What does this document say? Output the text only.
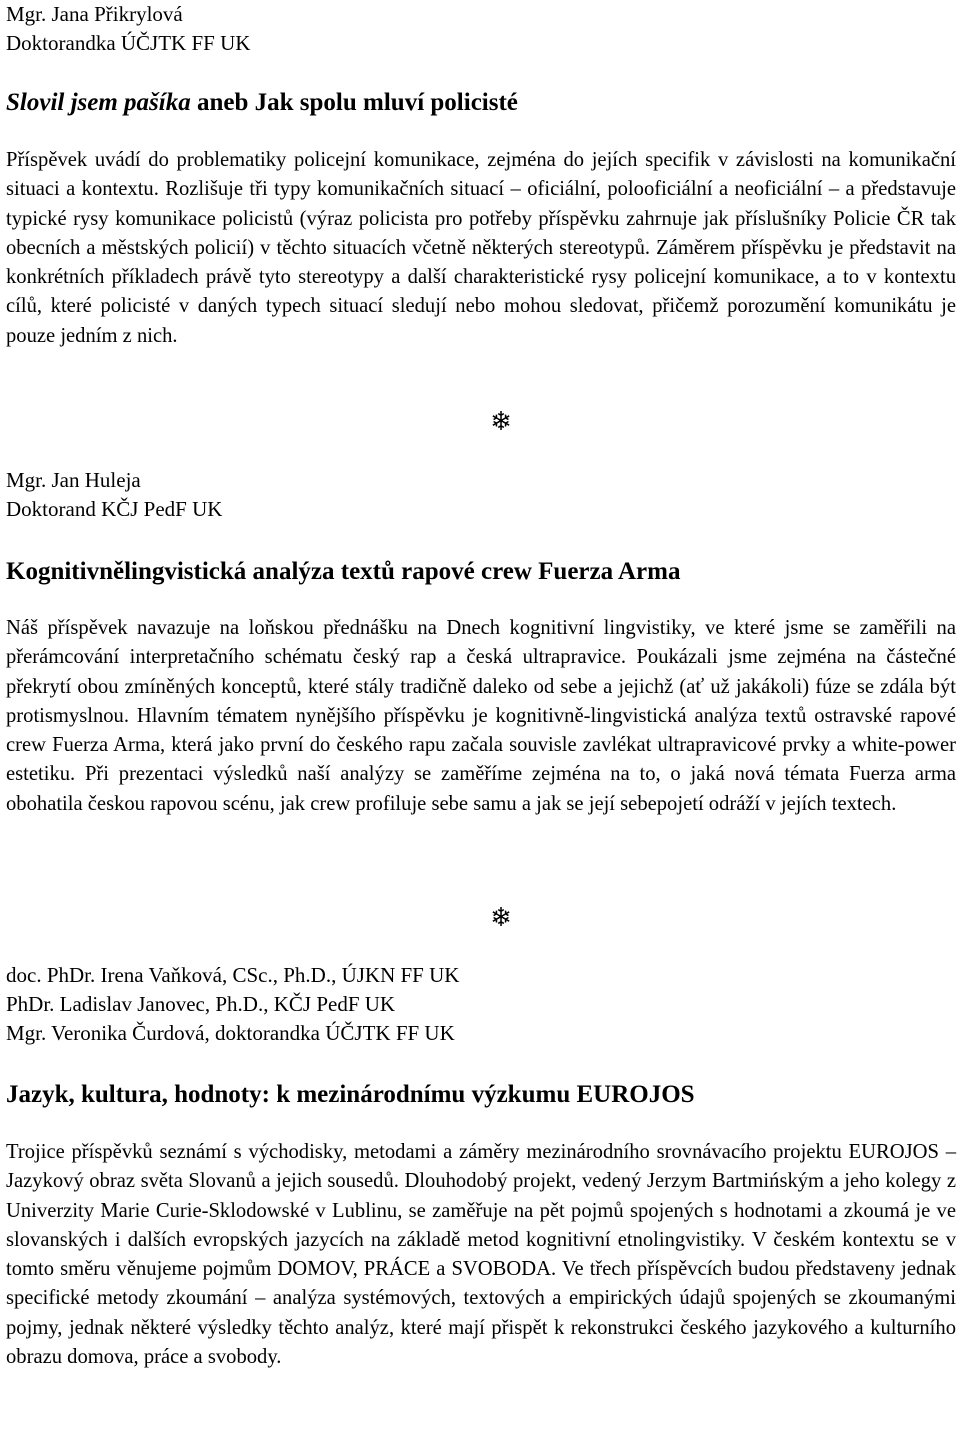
Mgr. Jana Přikrylová

Doktorandka ÚČJTK FF UK

Slovil jsem pašíka aneb Jak spolu mluví policisté

Příspěvek uvádí do problematiky policejní komunikace, zejména do jejích specifik v závislosti na komunikační situaci a kontextu. Rozlišuje tři typy komunikačních situací – oficiální, polooficiální a neoficiální – a představuje typické rysy komunikace policistů (výraz policista pro potřeby příspěvku zahrnuje jak příslušníky Policie ČR tak obecních a městských policií) v těchto situacích včetně některých stereotypů. Záměrem příspěvku je představit na konkrétních příkladech právě tyto stereotypy a další charakteristické rysy policejní komunikace, a to v kontextu cílů, které policisté v daných typech situací sledují nebo mohou sledovat, přičemž porozumění komunikátu je pouze jedním z nich.

❄

Mgr. Jan Huleja

Doktorand KČJ PedF UK

Kognitivnělingvistická analýza textů rapové crew Fuerza Arma

Náš příspěvek navazuje na loňskou přednášku na Dnech kognitivní lingvistiky, ve které jsme se zaměřili na přerámcování interpretačního schématu český rap a česká ultrapravice. Poukázali jsme zejména na částečné překrytí obou zmíněných konceptů, které stály tradičně daleko od sebe a jejichž (ať už jakákoli) fúze se zdála být protismyslnou. Hlavním tématem nynějšího příspěvku je kognitivně-lingvistická analýza textů ostravské rapové crew Fuerza Arma, která jako první do českého rapu začala souvisle zavlékat ultrapravicové prvky a white-power estetiku. Při prezentaci výsledků naší analýzy se zaměříme zejména na to, o jaká nová témata Fuerza arma obohatila českou rapovou scénu, jak crew profiluje sebe samu a jak se její sebepojetí odráží v jejích textech.

❄

doc. PhDr. Irena Vaňková, CSc., Ph.D., ÚJKN FF UK

PhDr. Ladislav Janovec, Ph.D., KČJ PedF UK

Mgr. Veronika Čurdová, doktorandka ÚČJTK FF UK

Jazyk, kultura, hodnoty: k mezinárodnímu výzkumu EUROJOS

Trojice příspěvků seznámí s východisky, metodami a záměry mezinárodního srovnávacího projektu EUROJOS – Jazykový obraz světa Slovanů a jejich sousedů. Dlouhodobý projekt, vedený Jerzym Bartmińským a jeho kolegy z Univerzity Marie Curie-Sklodowské v Lublinu, se zaměřuje na pět pojmů spojených s hodnotami a zkoumá je ve slovanských i dalších evropských jazycích na základě metod kognitivní etnolingvistiky. V českém kontextu se v tomto směru věnujeme pojmům DOMOV, PRÁCE a SVOBODA. Ve třech příspěvcích budou představeny jednak specifické metody zkoumání – analýza systémových, textových a empirických údajů spojených se zkoumanými pojmy, jednak některé výsledky těchto analýz, které mají přispět k rekonstrukci českého jazykového a kulturního obrazu domova, práce a svobody.
